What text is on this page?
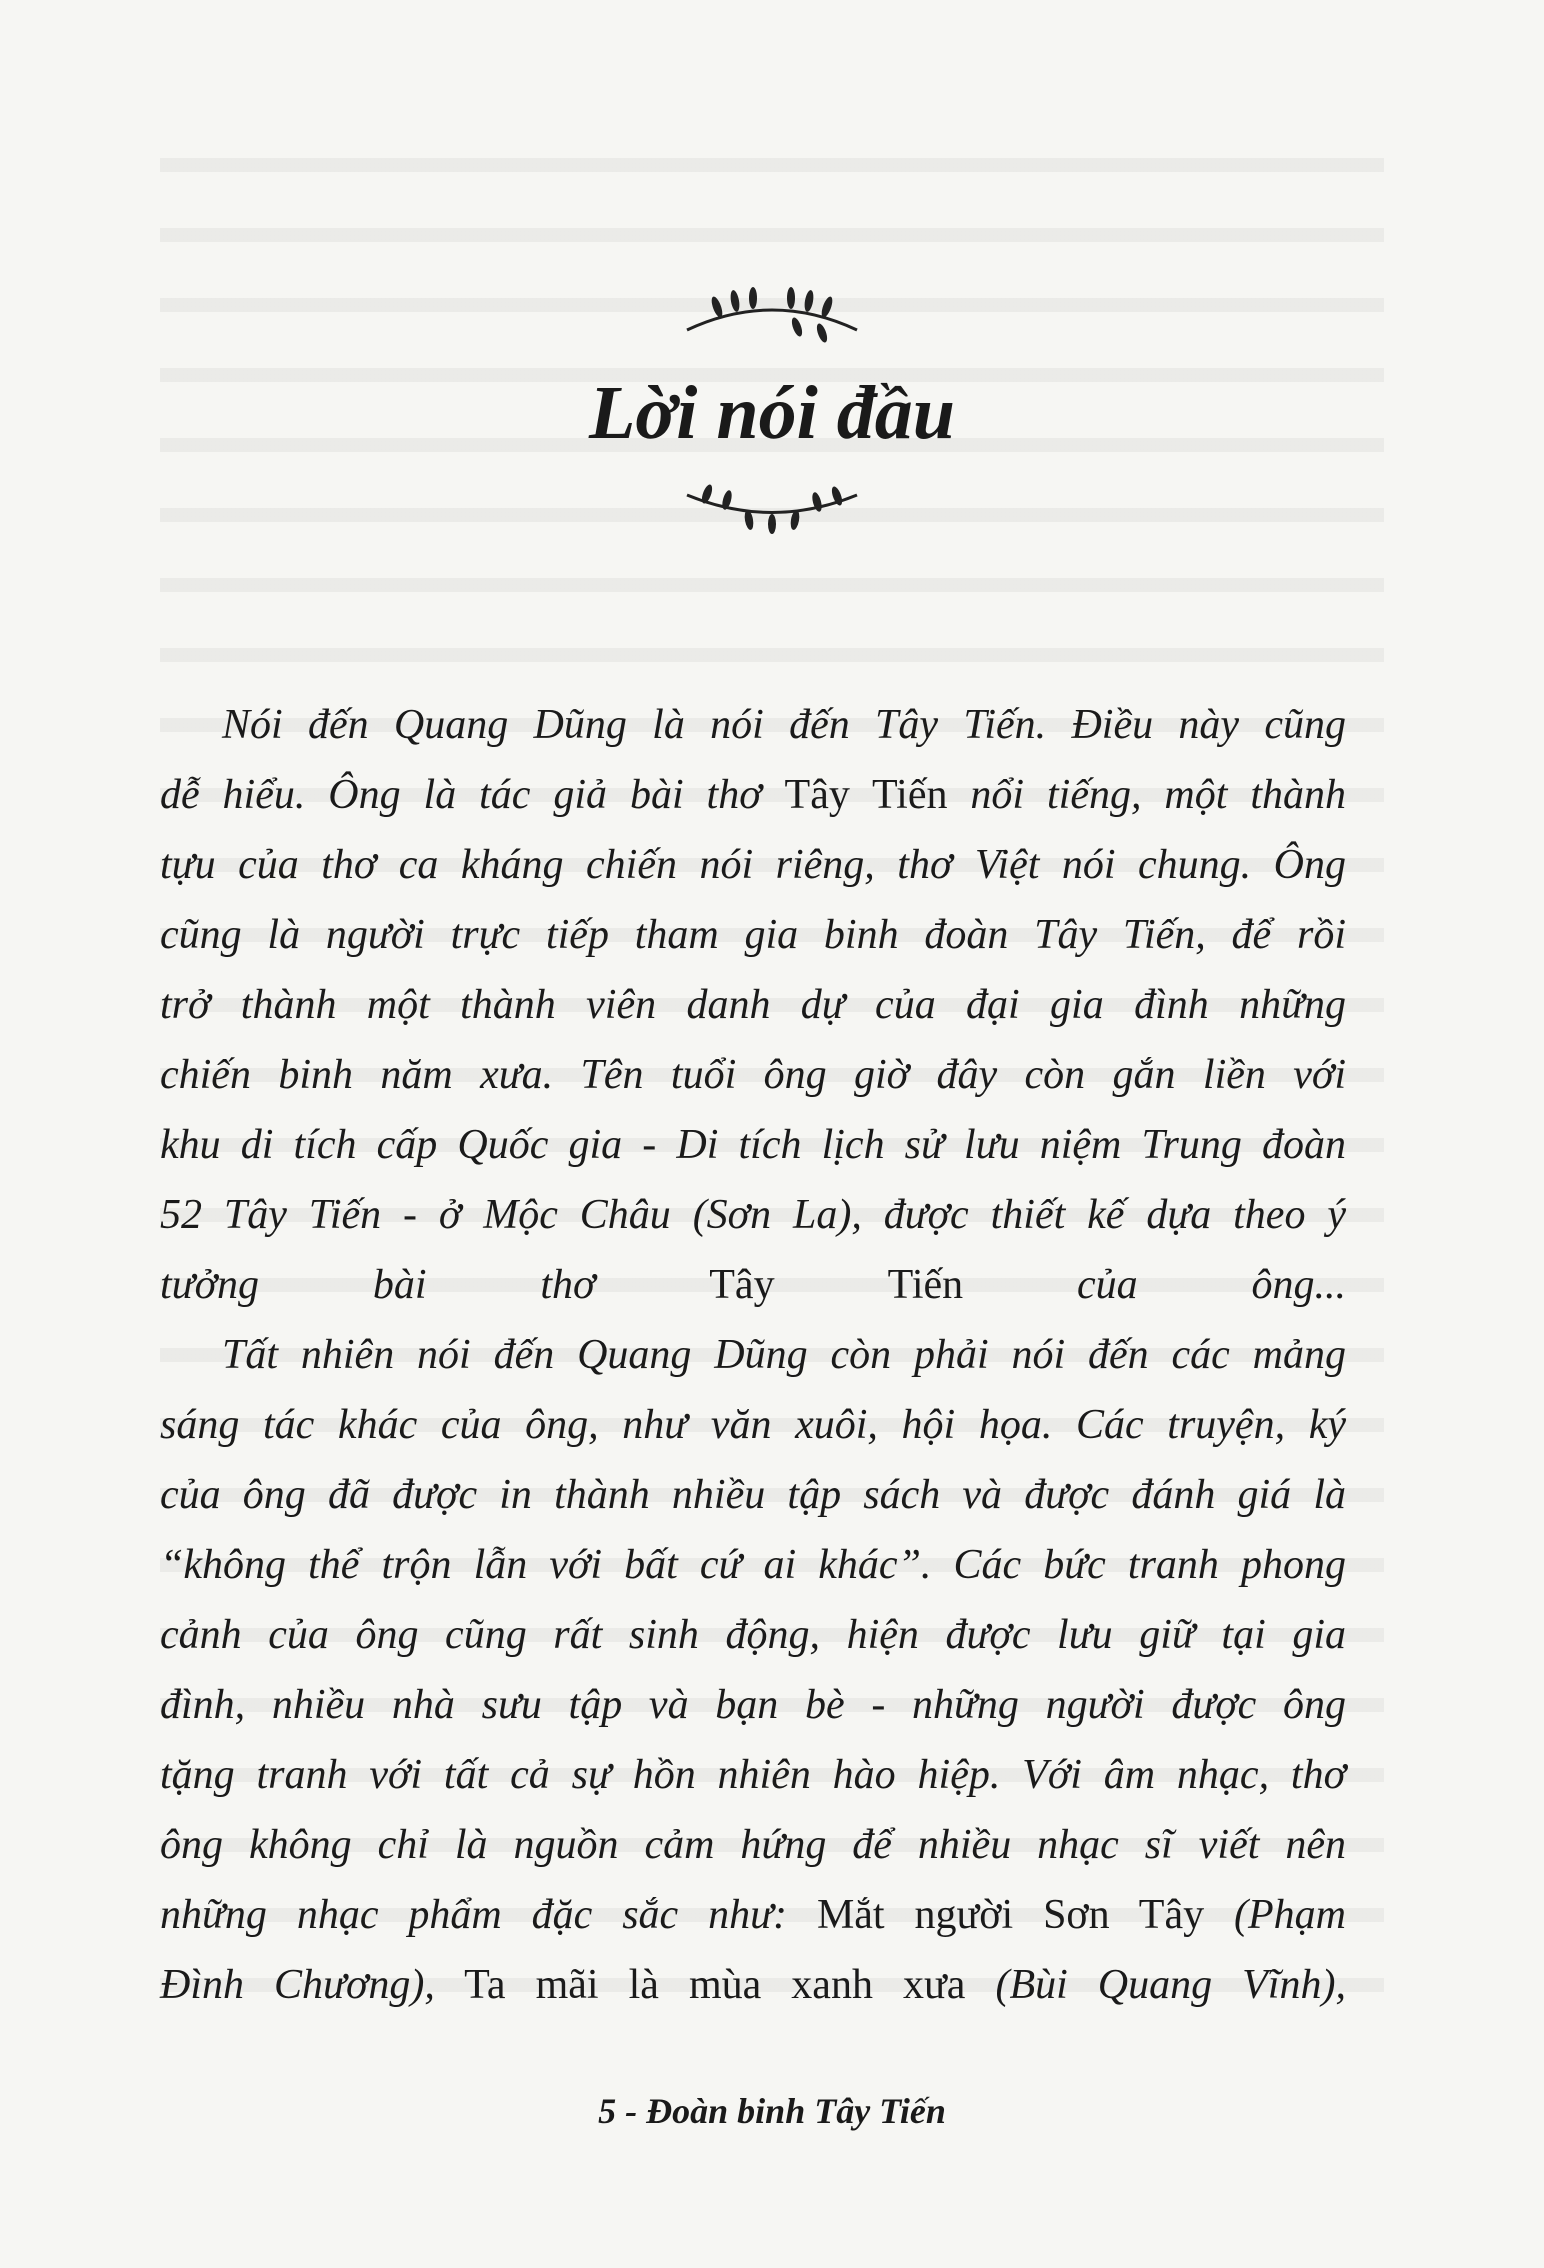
Lời nói đầu
Nói đến Quang Dũng là nói đến Tây Tiến. Điều này cũng
dễ hiểu. Ông là tác giả bài thơ Tây Tiến nổi tiếng, một thành
tựu của thơ ca kháng chiến nói riêng, thơ Việt nói chung. Ông
cũng là người trực tiếp tham gia binh đoàn Tây Tiến, để rồi
trở thành một thành viên danh dự của đại gia đình những
chiến binh năm xưa. Tên tuổi ông giờ đây còn gắn liền với
khu di tích cấp Quốc gia - Di tích lịch sử lưu niệm Trung đoàn
52 Tây Tiến - ở Mộc Châu (Sơn La), được thiết kế dựa theo ý
tưởng bài thơ Tây Tiến của ông...
Tất nhiên nói đến Quang Dũng còn phải nói đến các mảng
sáng tác khác của ông, như văn xuôi, hội họa. Các truyện, ký
của ông đã được in thành nhiều tập sách và được đánh giá là
“không thể trộn lẫn với bất cứ ai khác”. Các bức tranh phong
cảnh của ông cũng rất sinh động, hiện được lưu giữ tại gia
đình, nhiều nhà sưu tập và bạn bè - những người được ông
tặng tranh với tất cả sự hồn nhiên hào hiệp. Với âm nhạc, thơ
ông không chỉ là nguồn cảm hứng để nhiều nhạc sĩ viết nên
những nhạc phẩm đặc sắc như: Mắt người Sơn Tây (Phạm
Đình Chương), Ta mãi là mùa xanh xưa (Bùi Quang Vĩnh),
5 - Đoàn binh Tây Tiến
